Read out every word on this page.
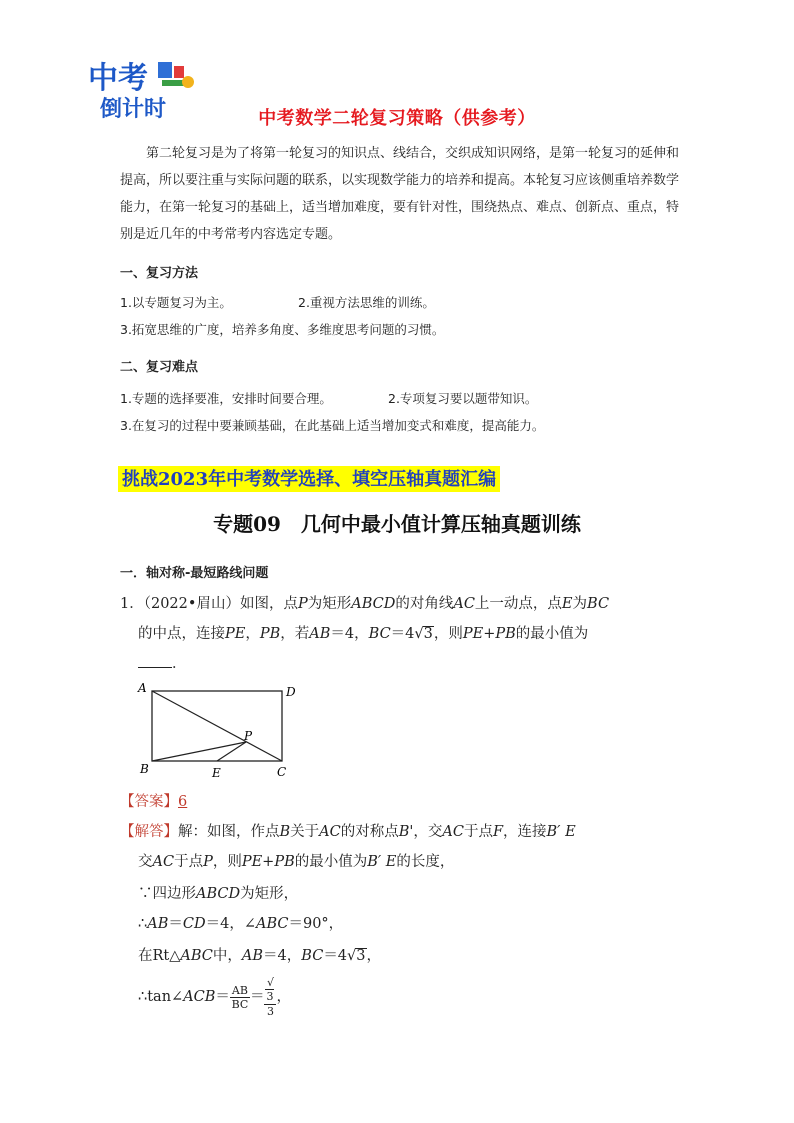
中考
倒计时	中考数学二轮复习策略（供参考）
第二轮复习是为了将第一轮复习的知识点、线结合，交织成知识网络，是第一轮复习的延伸和提高，所以要注重与实际问题的联系，以实现数学能力的培养和提高。本轮复习应该侧重培养数学能力，在第一轮复习的基础上，适当增加难度，要有针对性，围绕热点、难点、创新点、重点，特别是近几年的中考常考内容选定专题。
一、复习方法
1.以专题复习为主。	2.重视方法思维的训练。
3.拓宽思维的广度，培养多角度、多维度思考问题的习惯。
二、复习难点
1.专题的选择要准，安排时间要合理。	2.专项复习要以题带知识。
3.在复习的过程中要兼顾基础，在此基础上适当增加变式和难度，提高能力。
挑战2023年中考数学选择、填空压轴真题汇编
专题09　几何中最小值计算压轴真题训练
一．轴对称-最短路线问题
1．（2022•眉山）如图，点P为矩形ABCD的对角线AC上一动点，点E为BC
的中点，连接PE，PB，若AB＝4，BC＝4√3，则PE+PB的最小值为
．
A	D
B	C
E
P
【答案】6
【解答】解：如图，作点B关于AC的对称点B'，交AC于点F，连接B′ E
交AC于点P，则PE+PB的最小值为B′ E的长度，
∵四边形ABCD为矩形，
∴AB＝CD＝4，∠ABC＝90°，
在Rt△ABC中，AB＝4，BC＝4√3，
∴tan∠ACB＝ $\frac{AB}{BC}$ ＝ √
3
3 ，
